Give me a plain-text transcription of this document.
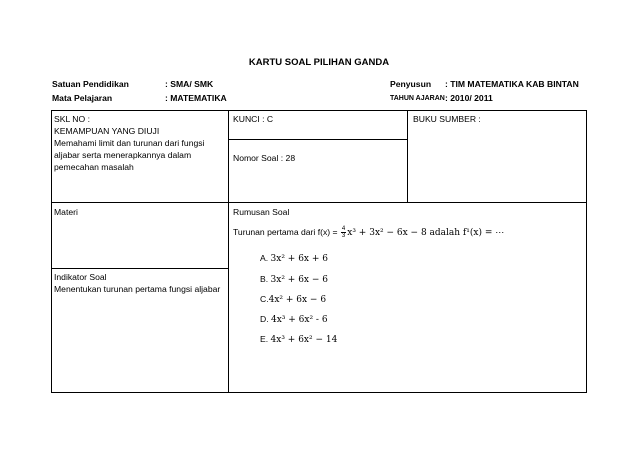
KARTU SOAL PILIHAN GANDA
Satuan Pendidikan	: SMA/ SMK
Mata Pelajaran	: MATEMATIKA
Penyusun : TIM MATEMATIKA KAB BINTAN
TAHUN AJARAN : 2010/ 2011
SKL NO :
KEMAMPUAN YANG DIUJI
Memahami limit dan turunan dari fungsi
aljabar serta menerapkannya dalam
pemecahan masalah
KUNCI : C	BUKU SUMBER :
Nomor Soal : 28
Materi
Indikator Soal
Menentukan turunan pertama fungsi aljabar
Rumusan Soal
Turunan pertama dari $f(x) = \frac{4}{3} x^3 + 3x^2 - 6x - 8$ adalah f¹(x) = ⋯
A. 3x² + 6x + 6
B. 3x² + 6x − 6
C.4x² + 6x − 6
D. 4x³ + 6x² - 6
E. 4x³ + 6x² − 14
